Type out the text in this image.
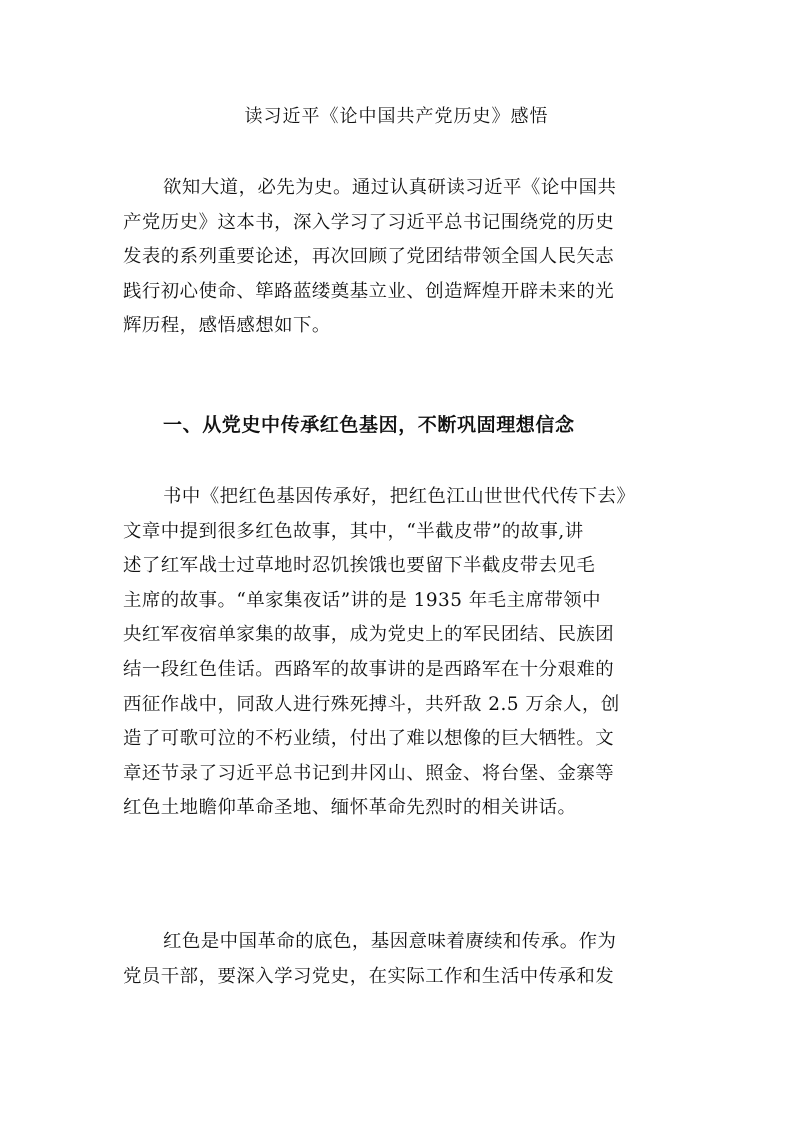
读习近平《论中国共产党历史》感悟
欲知大道，必先为史。通过认真研读习近平《论中国共
产党历史》这本书，深入学习了习近平总书记围绕党的历史
发表的系列重要论述，再次回顾了党团结带领全国人民矢志
践行初心使命、筚路蓝缕奠基立业、创造辉煌开辟未来的光
辉历程，感悟感想如下。
一、从党史中传承红色基因，不断巩固理想信念
书中《把红色基因传承好，把红色江山世世代代传下去》
文章中提到很多红色故事，其中，“半截皮带”的故事,讲
述了红军战士过草地时忍饥挨饿也要留下半截皮带去见毛
主席的故事。“单家集夜话”讲的是 1935 年毛主席带领中
央红军夜宿单家集的故事，成为党史上的军民团结、民族团
结一段红色佳话。西路军的故事讲的是西路军在十分艰难的
西征作战中，同敌人进行殊死搏斗，共歼敌 2.5 万余人，创
造了可歌可泣的不朽业绩，付出了难以想像的巨大牺牲。文
章还节录了习近平总书记到井冈山、照金、将台堡、金寨等
红色土地瞻仰革命圣地、缅怀革命先烈时的相关讲话。
红色是中国革命的底色，基因意味着赓续和传承。作为
党员干部，要深入学习党史，在实际工作和生活中传承和发
